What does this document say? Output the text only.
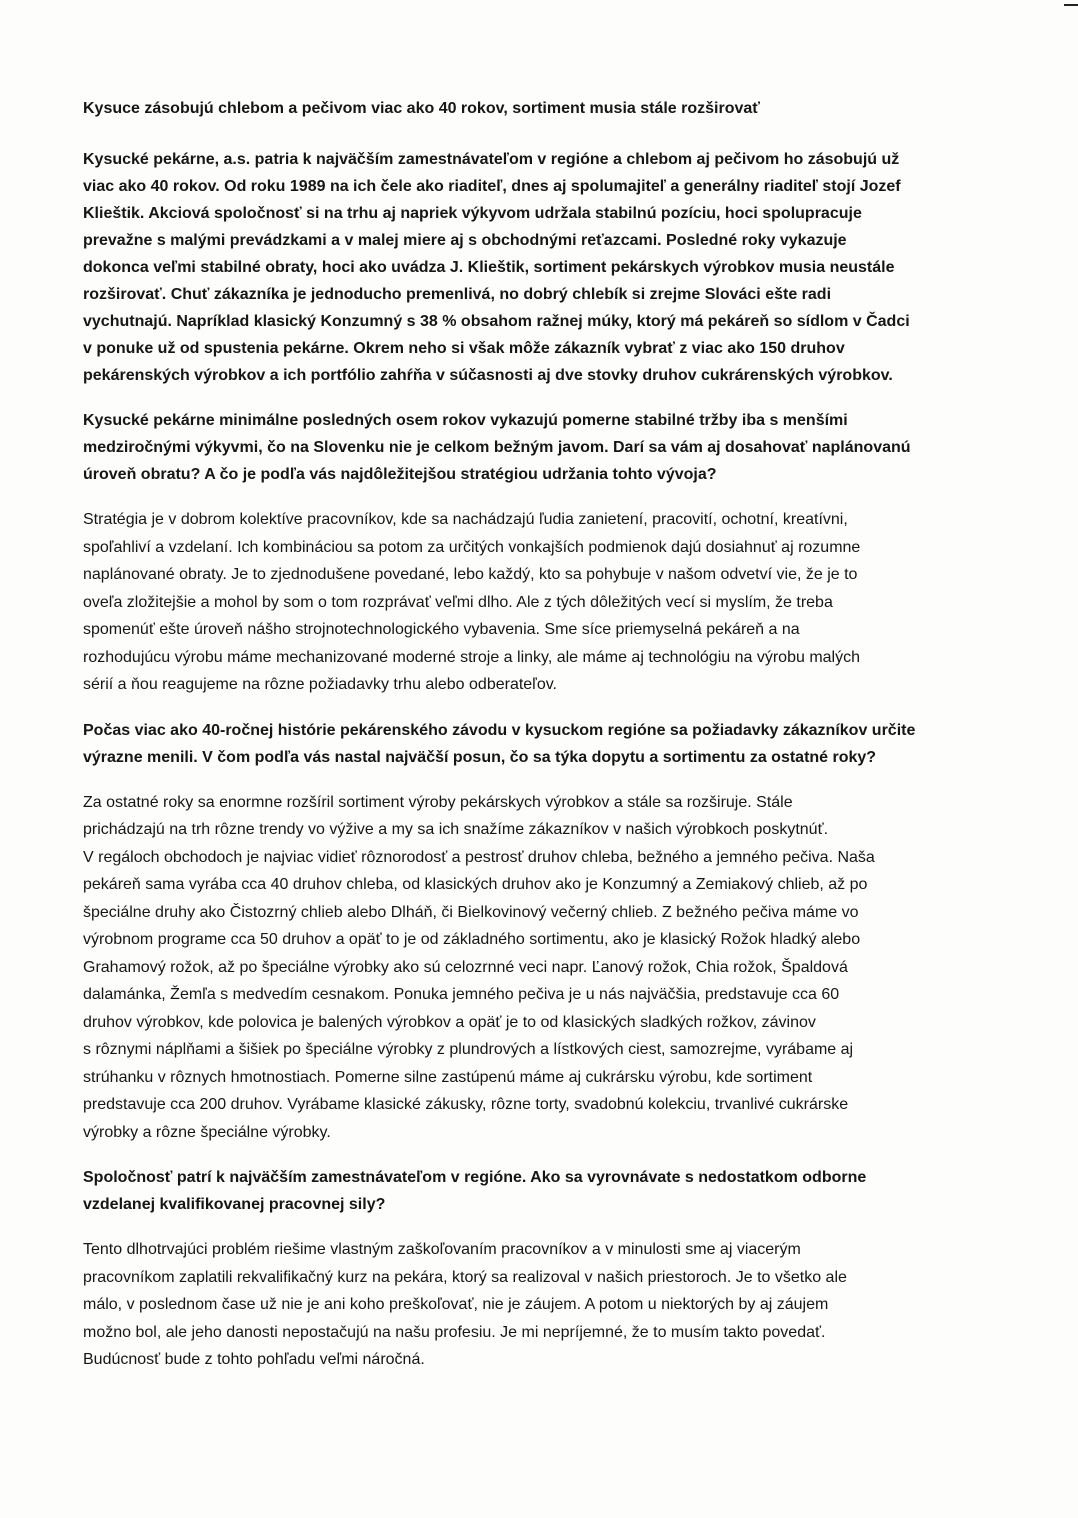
Kysuce zásobujú chlebom a pečivom viac ako 40 rokov, sortiment musia stále rozširovať
Kysucké pekárne, a.s. patria k najväčším zamestnávateľom v regióne a chlebom aj pečivom ho zásobujú už
viac ako 40 rokov. Od roku 1989 na ich čele ako riaditeľ, dnes aj spolumajiteľ a generálny riaditeľ stojí Jozef
Klieštik. Akciová spoločnosť si na trhu aj napriek výkyvom udržala stabilnú pozíciu, hoci spolupracuje
prevažne s malými prevádzkami a v malej miere aj s obchodnými reťazcami. Posledné roky vykazuje
dokonca veľmi stabilné obraty, hoci ako uvádza J. Klieštik, sortiment pekárskych výrobkov musia neustále
rozširovať. Chuť zákazníka je jednoducho premenlivá, no dobrý chlebík si zrejme Slováci ešte radi
vychutnajú. Napríklad klasický Konzumný s 38 % obsahom ražnej múky, ktorý má pekáreň so sídlom v Čadci
v ponuke už od spustenia pekárne. Okrem neho si však môže zákazník vybrať z viac ako 150 druhov
pekárenských výrobkov a ich portfólio zahŕňa v súčasnosti aj dve stovky druhov cukrárenských výrobkov.
Kysucké pekárne minimálne posledných osem rokov vykazujú pomerne stabilné tržby iba s menšími
medziročnými výkyvmi, čo na Slovenku nie je celkom bežným javom. Darí sa vám aj dosahovať naplánovanú
úroveň obratu? A čo je podľa vás najdôležitejšou stratégiou udržania tohto vývoja?
Stratégia je v dobrom kolektíve pracovníkov, kde sa nachádzajú ľudia zanietení, pracovití, ochotní, kreatívni,
spoľahliví a vzdelaní. Ich kombináciou sa potom za určitých vonkajších podmienok dajú dosiahnuť aj rozumne
naplánované obraty. Je to zjednodušene povedané, lebo každý, kto sa pohybuje v našom odvetví vie, že je to
oveľa zložitejšie a mohol by som o tom rozprávať veľmi dlho. Ale z tých dôležitých vecí si myslím, že treba
spomenúť ešte úroveň nášho strojnotechnologického vybavenia. Sme síce priemyselná pekáreň a na
rozhodujúcu výrobu máme mechanizované moderné stroje a linky, ale máme aj technológiu na výrobu malých
sérií a ňou reagujeme na rôzne požiadavky trhu alebo odberateľov.
Počas viac ako 40-ročnej histórie pekárenského závodu v kysuckom regióne sa požiadavky zákazníkov určite
výrazne menili. V čom podľa vás nastal najväčší posun, čo sa týka dopytu a sortimentu za ostatné roky?
Za ostatné roky sa enormne rozšíril sortiment výroby pekárskych výrobkov a stále sa rozširuje. Stále
prichádzajú na trh rôzne trendy vo výžive a my sa ich snažíme zákazníkov v našich výrobkoch poskytnúť.
V regáloch obchodoch je najviac vidieť rôznorodosť a pestrosť druhov chleba, bežného a jemného pečiva. Naša
pekáreň sama vyrába cca 40 druhov chleba, od klasických druhov ako je Konzumný a Zemiakový chlieb, až po
špeciálne druhy ako Čistozrný chlieb alebo Dlháň, či Bielkovinový večerný chlieb. Z bežného pečiva máme vo
výrobnom programe cca 50 druhov a opäť to je od základného sortimentu, ako je klasický Rožok hladký alebo
Grahamový rožok, až po špeciálne výrobky ako sú celozrnné veci napr. Ľanový rožok, Chia rožok, Špaldová
dalamánka, Žemľa s medvedím cesnakom. Ponuka jemného pečiva je u nás najväčšia, predstavuje cca 60
druhov výrobkov, kde polovica je balených výrobkov a opäť je to od klasických sladkých rožkov, závinov
s rôznymi náplňami a šišiek po špeciálne výrobky z plundrových a lístkových ciest, samozrejme, vyrábame aj
strúhanku v rôznych hmotnostiach. Pomerne silne zastúpenú máme aj cukrársku výrobu, kde sortiment
predstavuje cca 200 druhov. Vyrábame klasické zákusky, rôzne torty, svadobnú kolekciu, trvanlivé cukrárske
výrobky a rôzne špeciálne výrobky.
Spoločnosť patrí k najväčším zamestnávateľom v regióne. Ako sa vyrovnávate s nedostatkom odborne
vzdelanej kvalifikovanej pracovnej sily?
Tento dlhotrvajúci problém riešime vlastným zaškoľovaním pracovníkov a v minulosti sme aj viacerým
pracovníkom zaplatili rekvalifikačný kurz na pekára, ktorý sa realizoval v našich priestoroch. Je to všetko ale
málo, v poslednom čase už nie je ani koho preškoľovať, nie je záujem. A potom u niektorých by aj záujem
možno bol, ale jeho danosti nepostačujú na našu profesiu. Je mi nepríjemné, že to musím takto povedať.
Budúcnosť bude z tohto pohľadu veľmi náročná.
